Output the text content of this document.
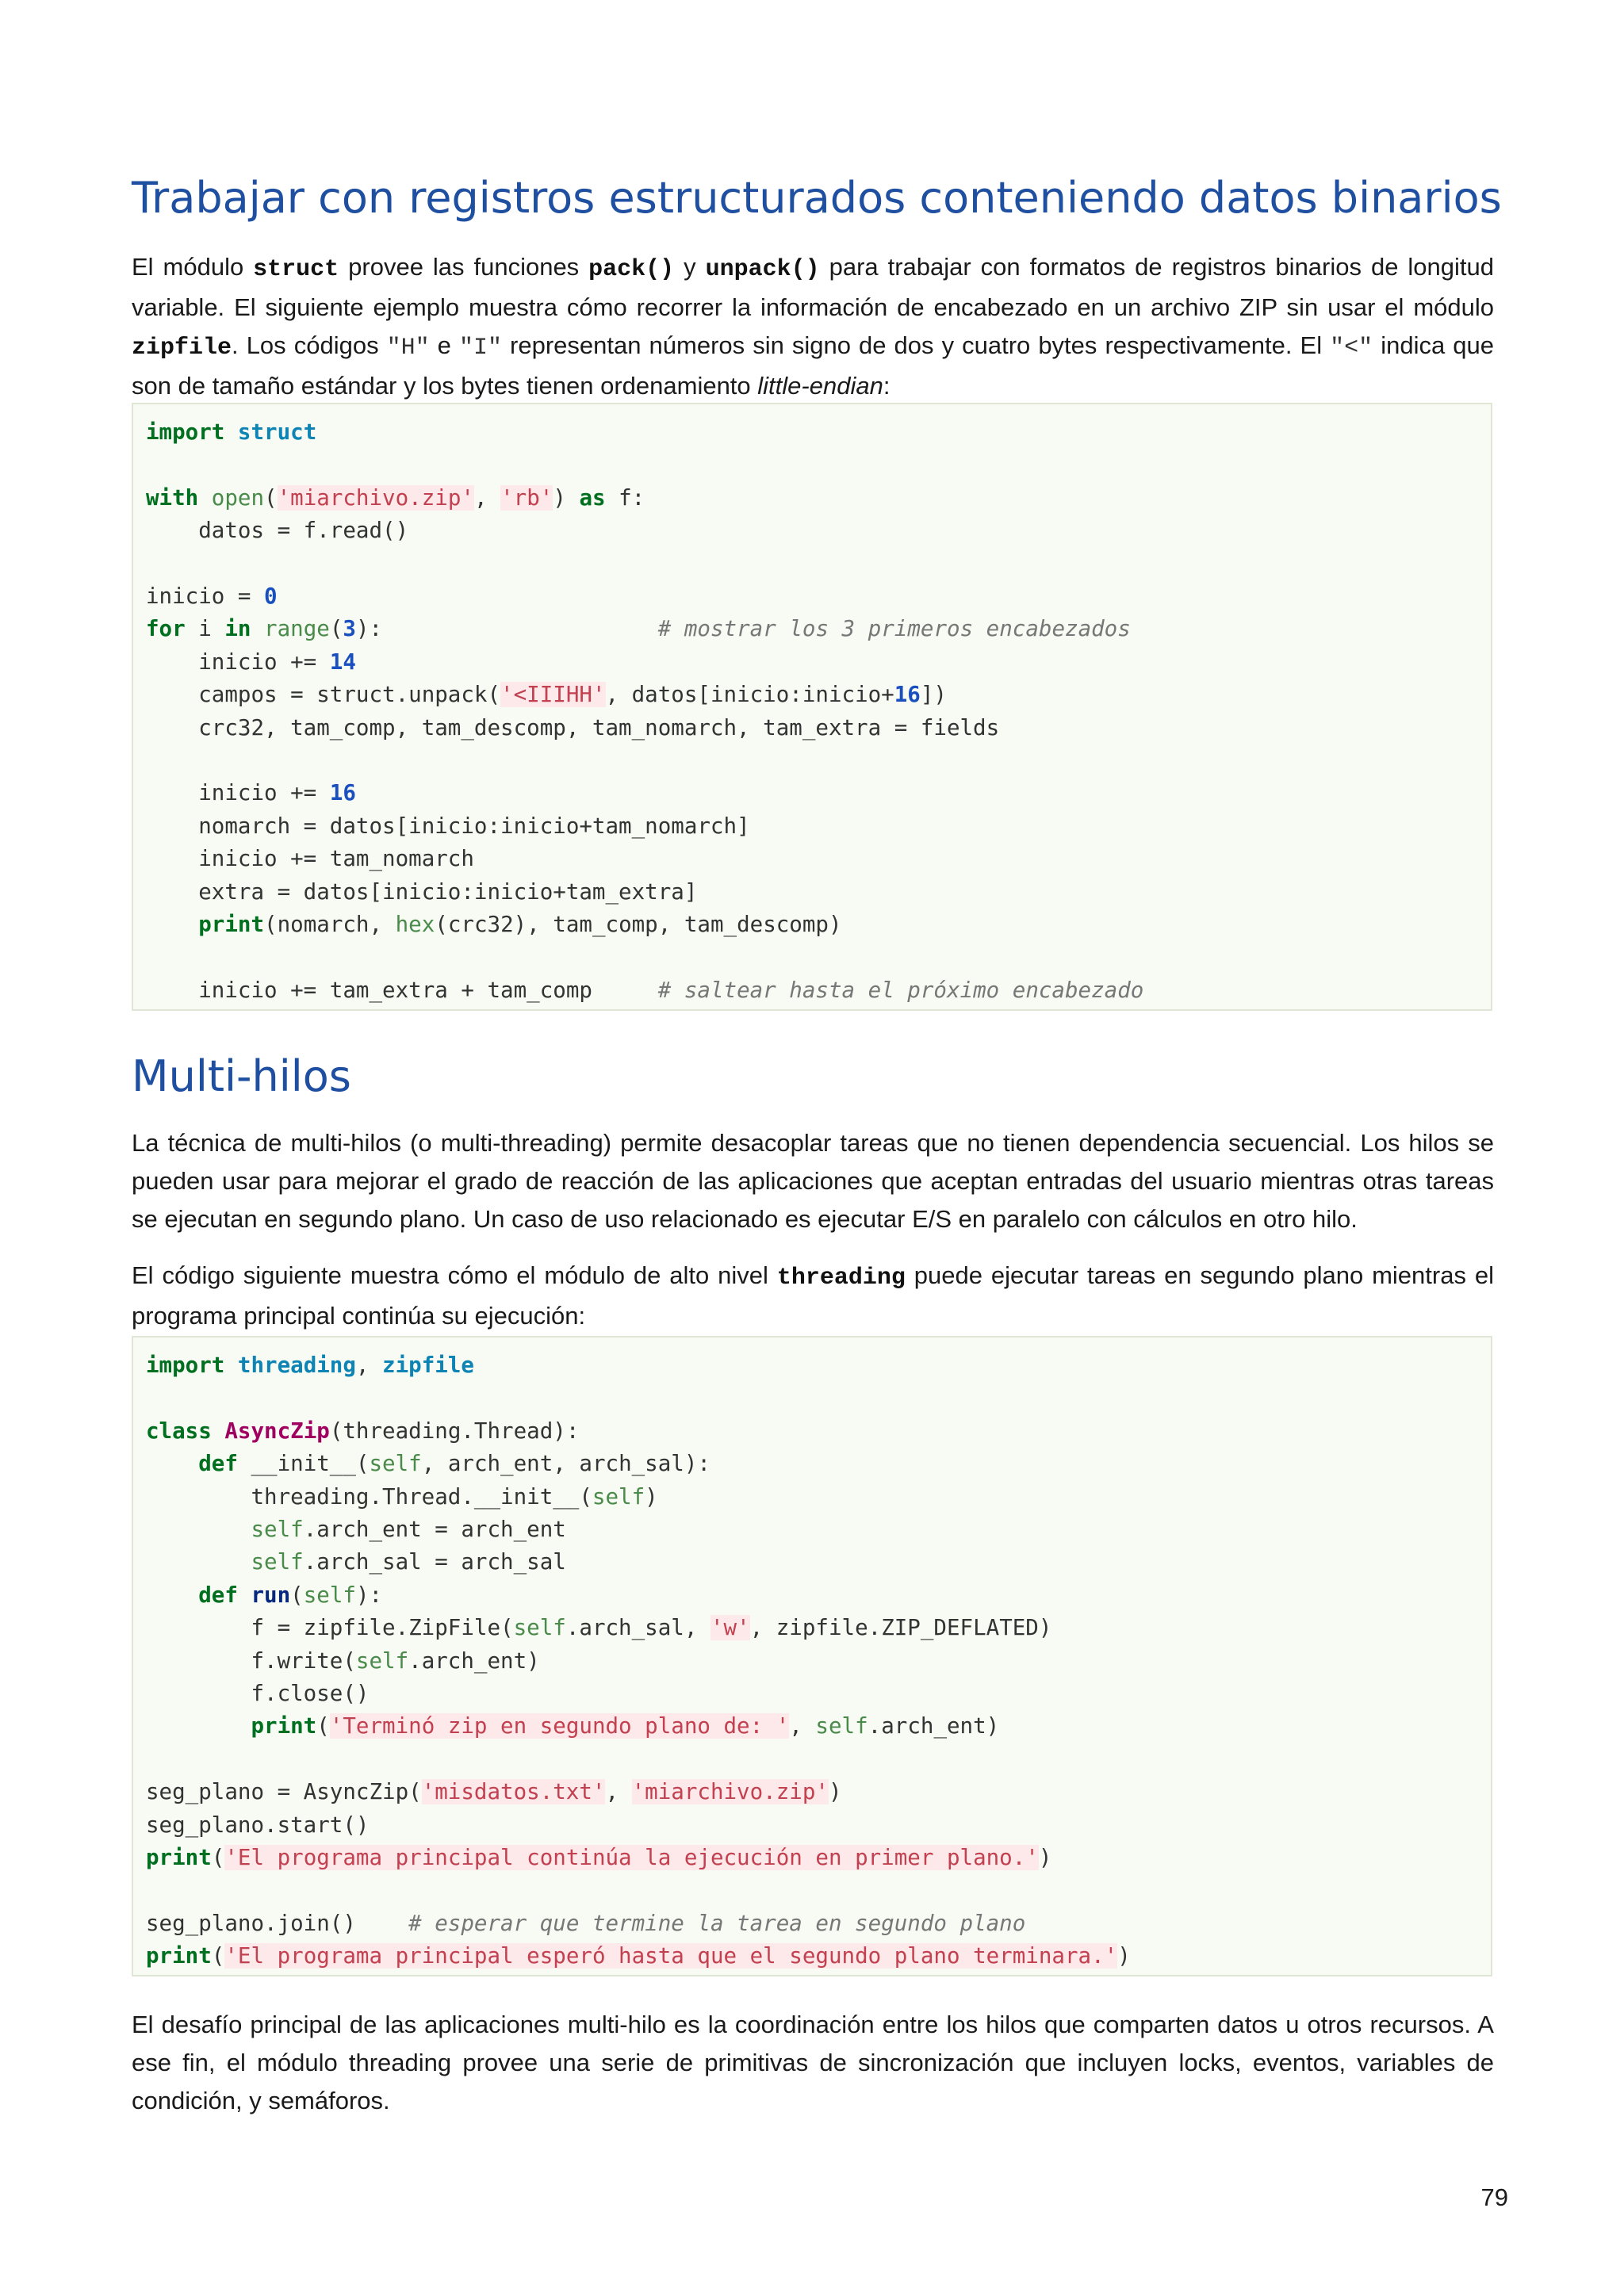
Trabajar con registros estructurados conteniendo datos binarios

El módulo struct provee las funciones pack() y unpack() para trabajar con formatos de registros binarios de longitud variable. El siguiente ejemplo muestra cómo recorrer la información de encabezado en un archivo ZIP sin usar el módulo zipfile. Los códigos "H" e "I" representan números sin signo de dos y cuatro bytes respectivamente. El "<" indica que son de tamaño estándar y los bytes tienen ordenamiento little-endian:

import struct

with open('miarchivo.zip', 'rb') as f:
datos = f.read()

inicio = 0
for i in range(3):                     # mostrar los 3 primeros encabezados
inicio += 14
campos = struct.unpack('<IIIHH', datos[inicio:inicio+16])
crc32, tam_comp, tam_descomp, tam_nomarch, tam_extra = fields

inicio += 16
nomarch = datos[inicio:inicio+tam_nomarch]
inicio += tam_nomarch
extra = datos[inicio:inicio+tam_extra]
print(nomarch, hex(crc32), tam_comp, tam_descomp)

inicio += tam_extra + tam_comp	# saltear hasta el próximo encabezado
Multi-hilos

La técnica de multi-hilos (o multi-threading) permite desacoplar tareas que no tienen dependencia secuencial. Los hilos se pueden usar para mejorar el grado de reacción de las aplicaciones que aceptan entradas del usuario mientras otras tareas se ejecutan en segundo plano. Un caso de uso relacionado es ejecutar E/S en paralelo con cálculos en otro hilo.

El código siguiente muestra cómo el módulo de alto nivel threading puede ejecutar tareas en segundo plano mientras el programa principal continúa su ejecución:

import threading, zipfile

class AsyncZip(threading.Thread):
def __init__(self, arch_ent, arch_sal):
threading.Thread.__init__(self)
self.arch_ent = arch_ent
self.arch_sal = arch_sal
def run(self):
f = zipfile.ZipFile(self.arch_sal, 'w', zipfile.ZIP_DEFLATED)
f.write(self.arch_ent)
f.close()
print('Terminó zip en segundo plano de: ', self.arch_ent)

seg_plano = AsyncZip('misdatos.txt', 'miarchivo.zip')
seg_plano.start()
print('El programa principal continúa la ejecución en primer plano.')

seg_plano.join() # esperar que termine la tarea en segundo plano
print('El programa principal esperó hasta que el segundo plano terminara.')

El desafío principal de las aplicaciones multi-hilo es la coordinación entre los hilos que comparten datos u otros recursos. A ese fin, el módulo threading provee una serie de primitivas de sincronización que incluyen locks, eventos, variables de condición, y semáforos.

79
